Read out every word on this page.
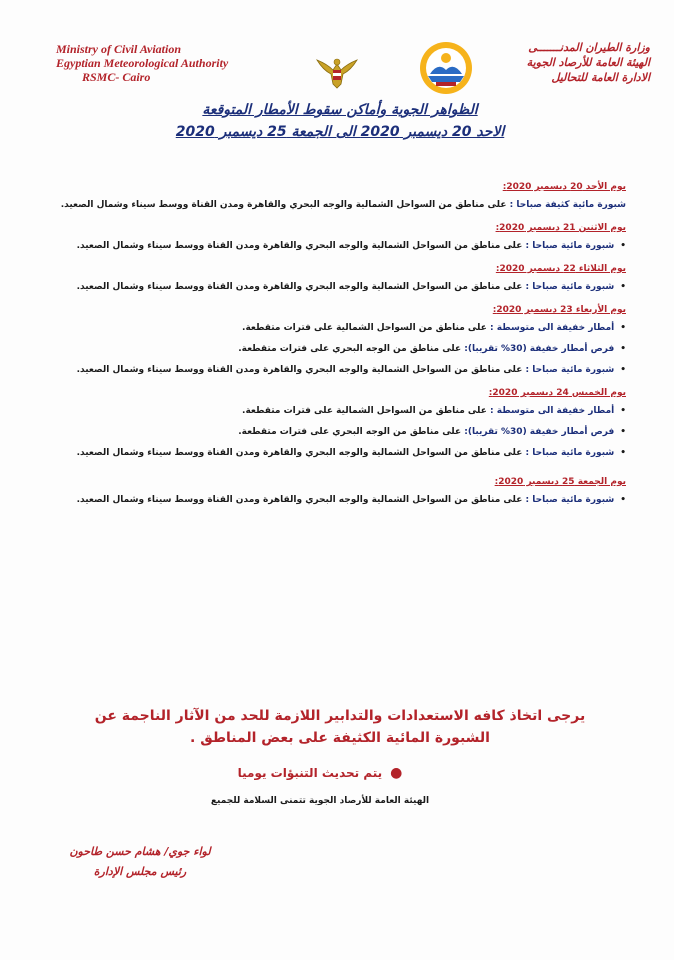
Ministry of Civil Aviation
Egyptian Meteorological Authority
RSMC- Cairo
وزارة الطيران المدنـــــــى
الهيئة العامة للأرصاد الجوية
الادارة العامة للتحاليل
الظواهر الجوية وأماكن سقوط الأمطار المتوقعة
الاحد 20 ديسمبر 2020 الى الجمعة 25 ديسمبر 2020
يوم الأحد 20 ديسمبر 2020:
شبورة مائية كثيفة صباحا : على مناطق من السواحل الشمالية والوجه البحري والقاهرة ومدن القناة ووسط سيناء وشمال الصعيد.
يوم الاثنين 21 ديسمبر 2020:
• شبورة مائية صباحا : على مناطق من السواحل الشمالية والوجه البحري والقاهرة ومدن القناة ووسط سيناء وشمال الصعيد.
يوم الثلاثاء 22 ديسمبر 2020:
• شبورة مائية صباحا : على مناطق من السواحل الشمالية والوجه البحري والقاهرة ومدن القناة ووسط سيناء وشمال الصعيد.
يوم الأربعاء 23 ديسمبر 2020:
• أمطار خفيفة الى متوسطة : على مناطق من السواحل الشمالية على فترات متقطعة.
• فرص أمطار خفيفة (30% تقريبا): على مناطق من الوجه البحري على فترات متقطعة.
• شبورة مائية صباحا : على مناطق من السواحل الشمالية والوجه البحري والقاهرة ومدن القناة ووسط سيناء وشمال الصعيد.
يوم الخميس 24 ديسمبر 2020:
• أمطار خفيفة الى متوسطة : على مناطق من السواحل الشمالية على فترات متقطعة.
• فرص أمطار خفيفة (30% تقريبا): على مناطق من الوجه البحري على فترات متقطعة.
• شبورة مائية صباحا : على مناطق من السواحل الشمالية والوجه البحري والقاهرة ومدن القناة ووسط سيناء وشمال الصعيد.
يوم الجمعة 25 ديسمبر 2020:
• شبورة مائية صباحا : على مناطق من السواحل الشمالية والوجه البحري والقاهرة ومدن القناة ووسط سيناء وشمال الصعيد.
يرجى اتخاذ كافه الاستعدادات والتدابير اللازمة للحد من الآثار الناجمة عن
الشبورة المائية الكثيفة على بعض المناطق .
●يتم تحديث التنبؤات يوميا
الهيئة العامة للأرصاد الجوية تتمنى السلامة للجميع
لواء جوي/ هشام حسن طاحون
رئيس مجلس الإدارة
